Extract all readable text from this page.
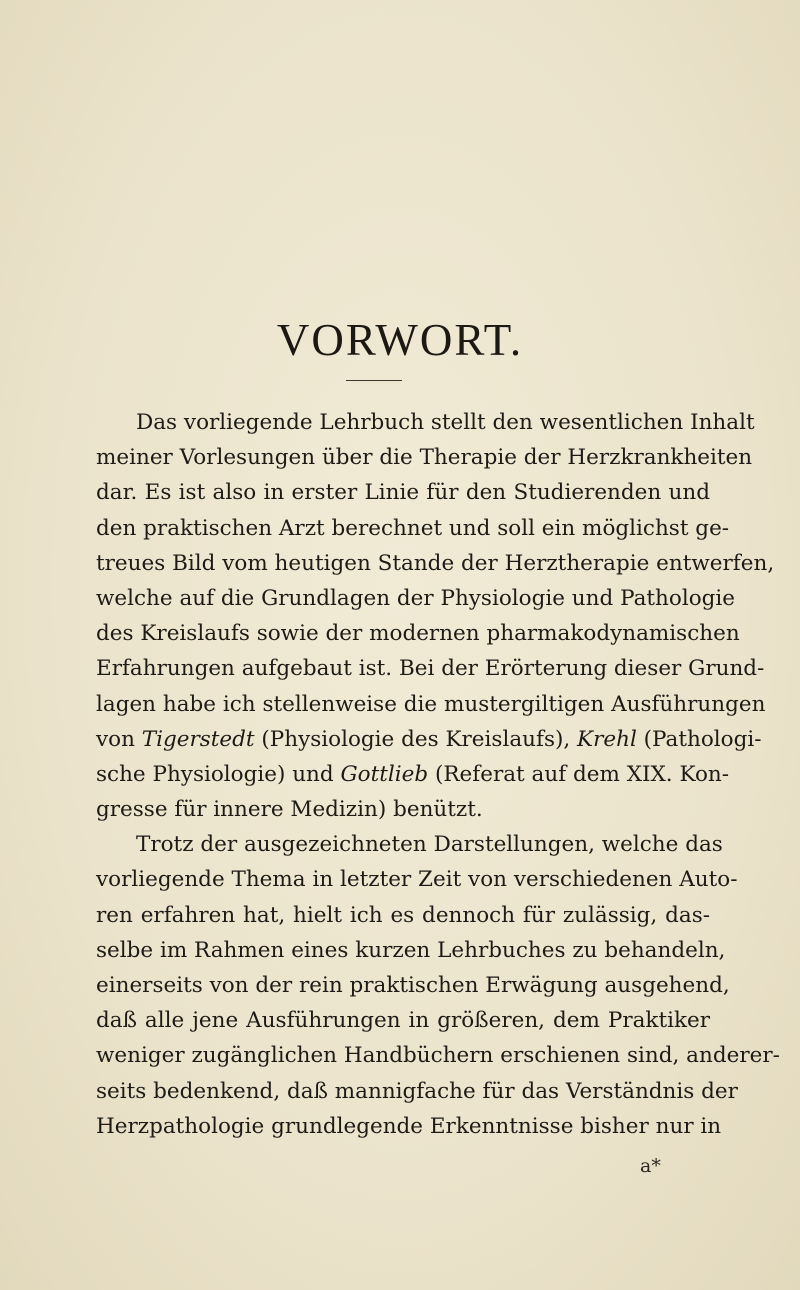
VORWORT.
Das vorliegende Lehrbuch stellt den wesentlichen Inhalt
meiner Vorlesungen über die Therapie der Herzkrankheiten
dar. Es ist also in erster Linie für den Studierenden und
den praktischen Arzt berechnet und soll ein möglichst ge-
treues Bild vom heutigen Stande der Herztherapie entwerfen,
welche auf die Grundlagen der Physiologie und Pathologie
des Kreislaufs sowie der modernen pharmakodynamischen
Erfahrungen aufgebaut ist. Bei der Erörterung dieser Grund-
lagen habe ich stellenweise die mustergiltigen Ausführungen
von Tigerstedt (Physiologie des Kreislaufs), Krehl (Pathologi-
sche Physiologie) und Gottlieb (Referat auf dem XIX. Kon-
gresse für innere Medizin) benützt.
Trotz der ausgezeichneten Darstellungen, welche das
vorliegende Thema in letzter Zeit von verschiedenen Auto-
ren erfahren hat, hielt ich es dennoch für zulässig, das-
selbe im Rahmen eines kurzen Lehrbuches zu behandeln,
einerseits von der rein praktischen Erwägung ausgehend,
daß alle jene Ausführungen in größeren, dem Praktiker
weniger zugänglichen Handbüchern erschienen sind, anderer-
seits bedenkend, daß mannigfache für das Verständnis der
Herzpathologie grundlegende Erkenntnisse bisher nur in
a*
